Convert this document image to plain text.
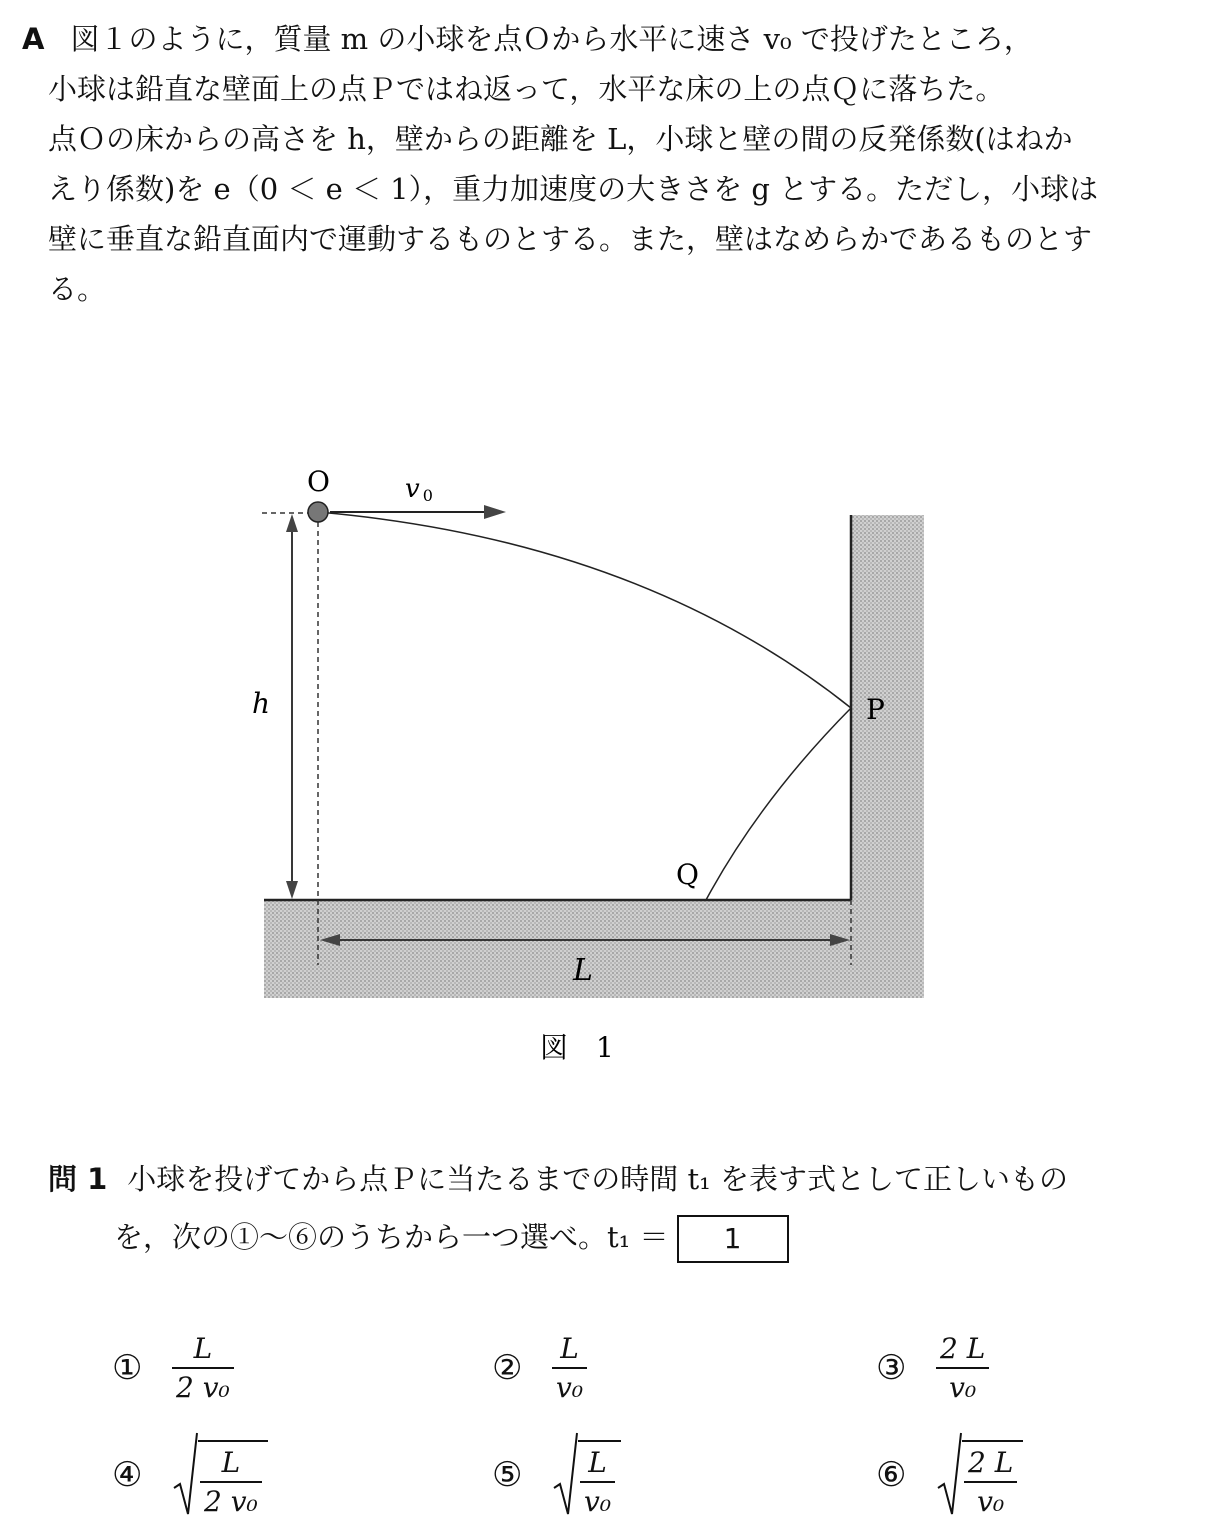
A 図１のように，質量 m の小球を点Ｏから水平に速さ v₀ で投げたところ，
小球は鉛直な壁面上の点Ｐではね返って，水平な床の上の点Ｑに落ちた。
点Ｏの床からの高さを h，壁からの距離を L，小球と壁の間の反発係数(はねか
えり係数)を e（0 ＜ e ＜ 1），重力加速度の大きさを g とする。ただし，小球は
壁に垂直な鉛直面内で運動するものとする。また，壁はなめらかであるものとす
る。
O	v 0
h	P
Q
L
図　1
問 1 小球を投げてから点Ｐに当たるまでの時間 t₁ を表す式として正しいもの
を，次の①～⑥のうちから一つ選べ。t₁ ＝ 1
①	$\frac{L}{\text{2 v₀}}$	②	$\frac{L}{\text{v₀}}$	③	$\frac{2 L}{\text{v₀}}$
④	$\frac{L}{\text{2 v₀}}$	⑤	$\frac{L}{\text{v₀}}$	⑥	$\frac{2 L}{\text{v₀}}$
